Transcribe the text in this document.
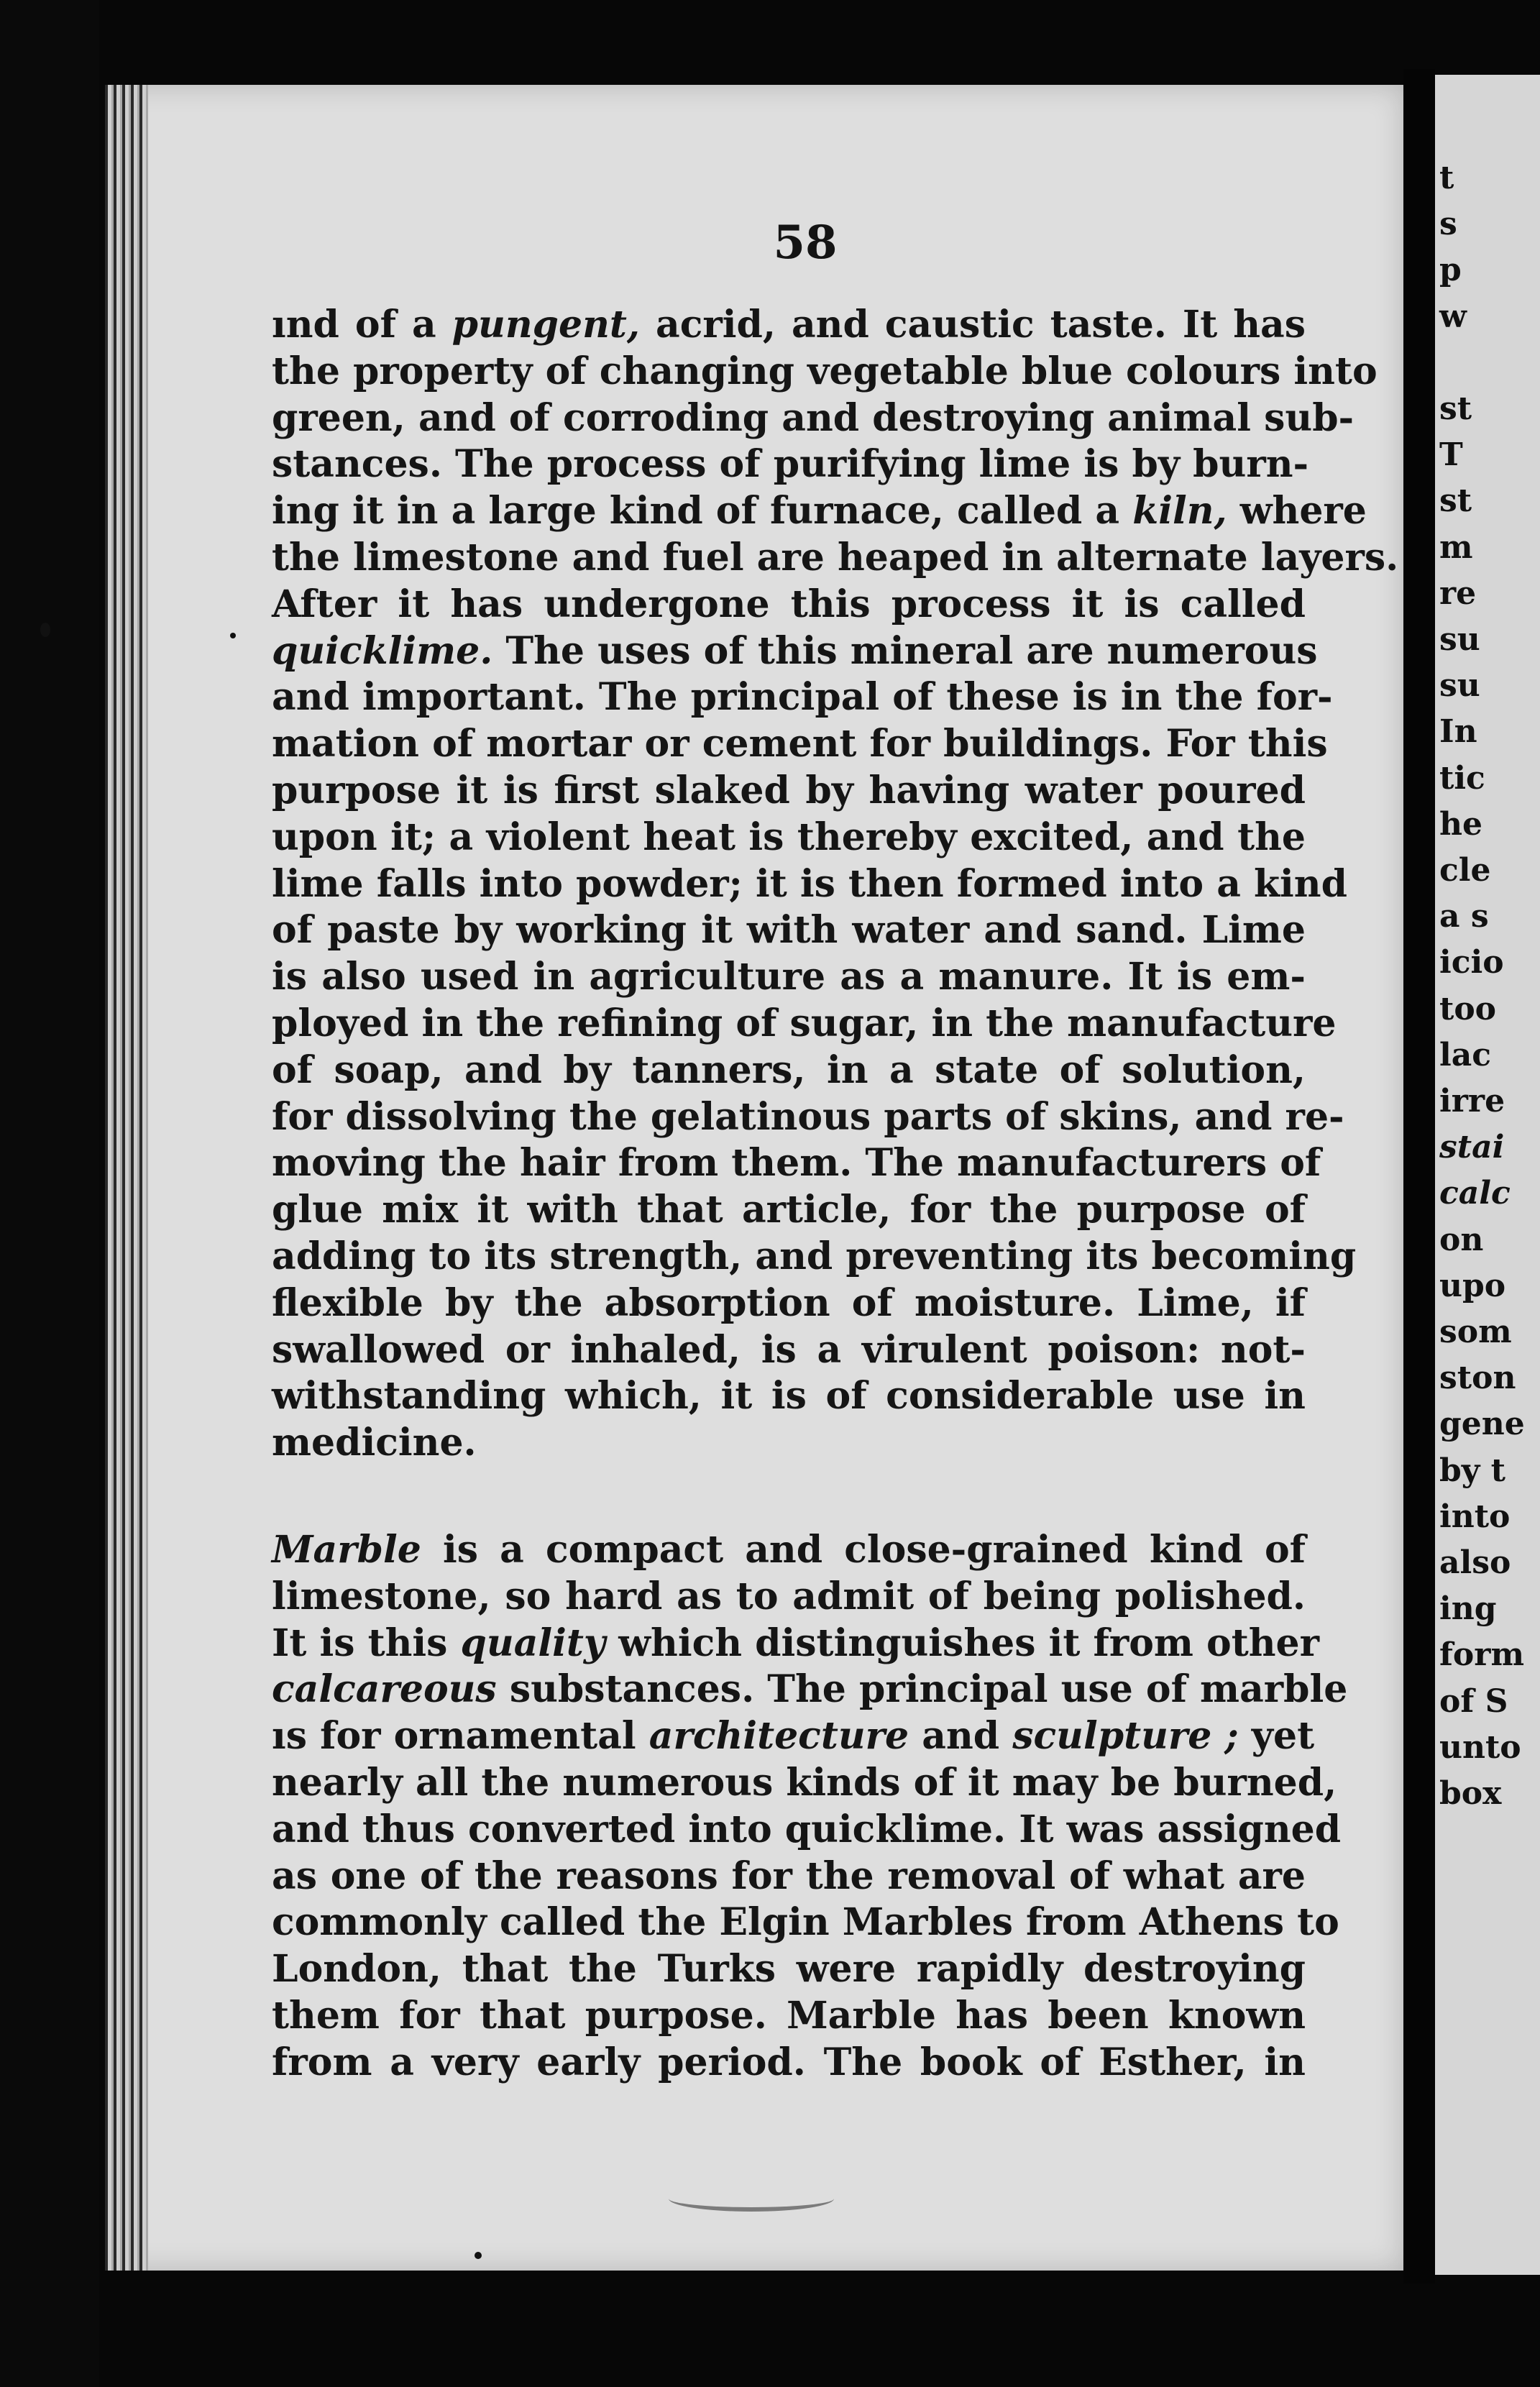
t
s
p
w
st
T
st
m
re
su
su
In
tic
he
cle
a s
icio
too
lac
irre
stai
calc
on
upo
som
ston
gene
by t
into
also
ing
form
of S
unto
box
58
ınd of a pungent, acrid, and caustic taste. It has
the property of changing vegetable blue colours into
green, and of corroding and destroying animal sub-
stances. The process of purifying lime is by burn-
ing it in a large kind of furnace, called a kiln, where
the limestone and fuel are heaped in alternate layers.
After it has undergone this process it is called
quicklime. The uses of this mineral are numerous
and important. The principal of these is in the for-
mation of mortar or cement for buildings. For this
purpose it is first slaked by having water poured
upon it; a violent heat is thereby excited, and the
lime falls into powder; it is then formed into a kind
of paste by working it with water and sand. Lime
is also used in agriculture as a manure. It is em-
ployed in the refining of sugar, in the manufacture
of soap, and by tanners, in a state of solution,
for dissolving the gelatinous parts of skins, and re-
moving the hair from them. The manufacturers of
glue mix it with that article, for the purpose of
adding to its strength, and preventing its becoming
flexible by the absorption of moisture. Lime, if
swallowed or inhaled, is a virulent poison: not-
withstanding which, it is of considerable use in
medicine.
Marble is a compact and close-grained kind of
limestone, so hard as to admit of being polished.
It is this quality which distinguishes it from other
calcareous substances. The principal use of marble
ıs for ornamental architecture and sculpture ; yet
nearly all the numerous kinds of it may be burned,
and thus converted into quicklime. It was assigned
as one of the reasons for the removal of what are
commonly called the Elgin Marbles from Athens to
London, that the Turks were rapidly destroying
them for that purpose. Marble has been known
from a very early period. The book of Esther, in
